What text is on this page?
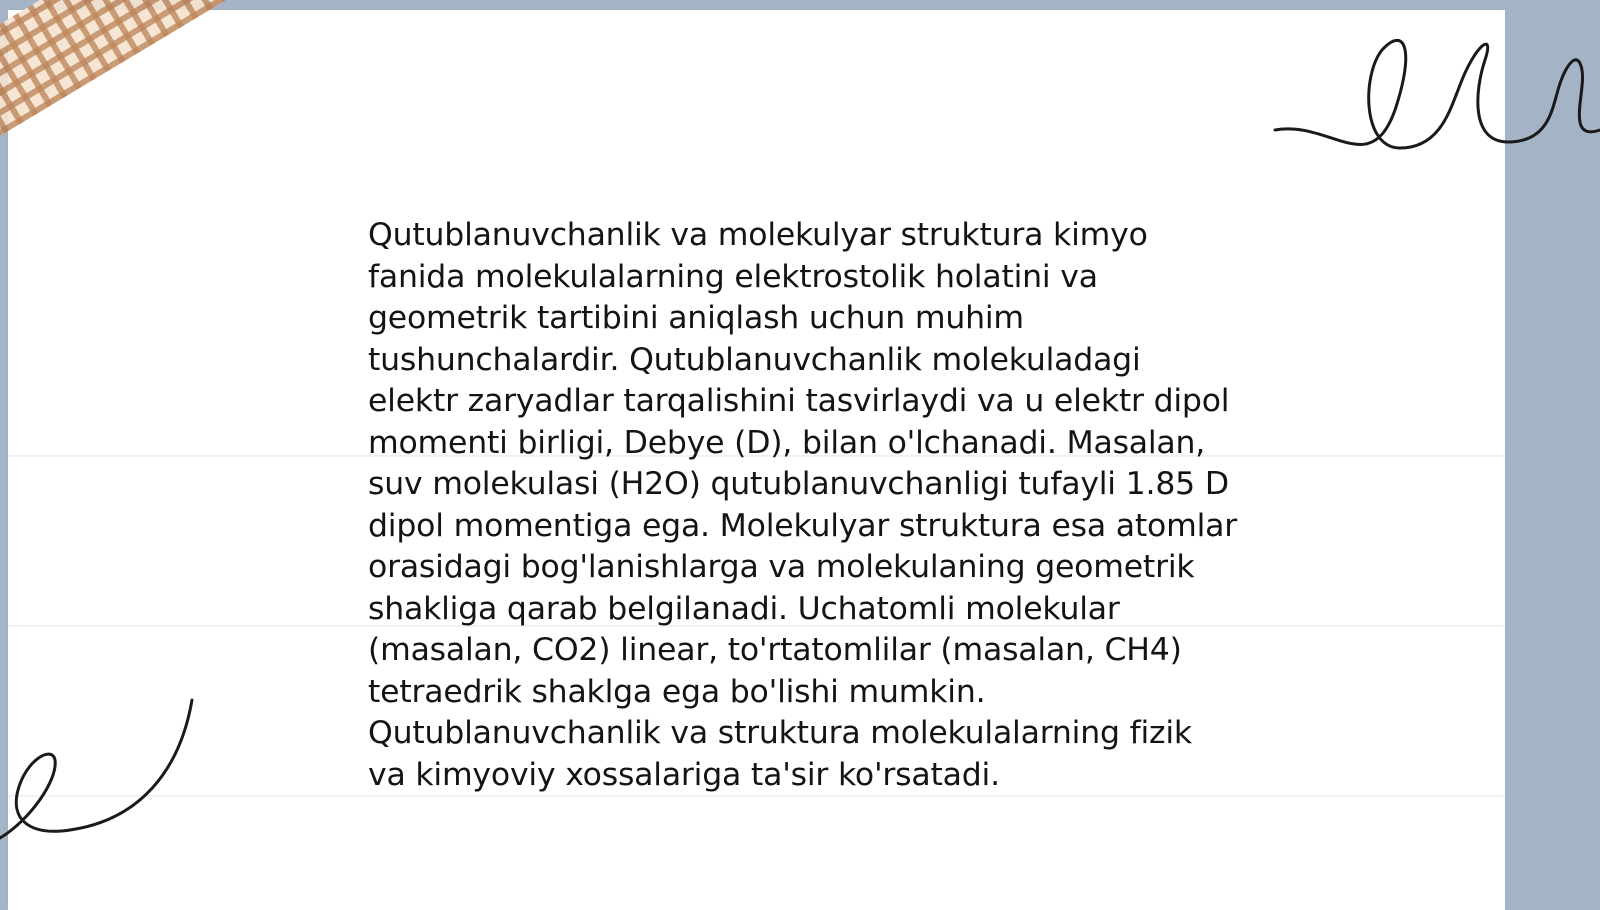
Qutublanuvchanlik va molekulyar struktura kimyo fanida molekulalarning elektrostolik holatini va geometrik tartibini aniqlash uchun muhim tushunchalardir. Qutublanuvchanlik molekuladagi elektr zaryadlar tarqalishini tasvirlaydi va u elektr dipol momenti birligi, Debye (D), bilan o'lchanadi. Masalan, suv molekulasi (H2O) qutublanuvchanligi tufayli 1.85 D dipol momentiga ega. Molekulyar struktura esa atomlar orasidagi bog'lanishlarga va molekulaning geometrik shakliga qarab belgilanadi. Uchatomli molekular (masalan, CO2) linear, to'rtatomlilar (masalan, CH4) tetraedrik shaklga ega bo'lishi mumkin. Qutublanuvchanlik va struktura molekulalarning fizik va kimyoviy xossalariga ta'sir ko'rsatadi.
